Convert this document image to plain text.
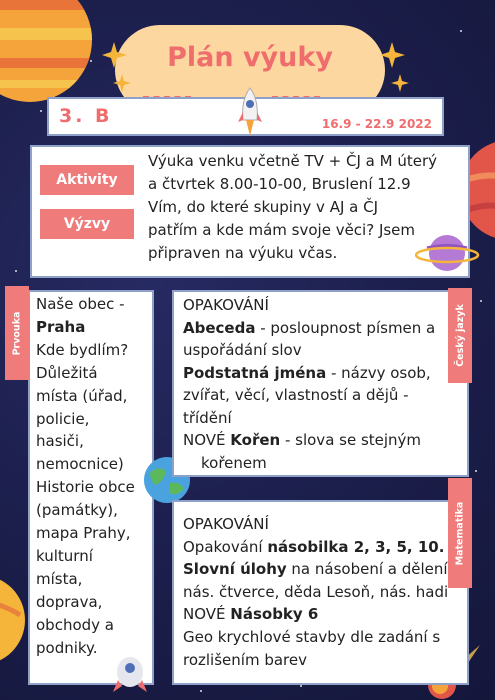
Plán výuky
3. B	16.9 - 22.9 2022
Aktivity
Výzvy
Výuka venku včetně TV + ČJ a M úterý
a čtvrtek 8.00-10-00, Bruslení 12.9
Vím, do které skupiny v AJ a ČJ
patřím a kde mám svoje věci? Jsem
připraven na výuku včas.
Naše obec -
Praha
Kde bydlím?
Důležitá
místa (úřad,
policie,
hasiči,
nemocnice)
Historie obce
(památky),
mapa Prahy,
kulturní
místa,
doprava,
obchody a
podniky.
Prvouka
OPAKOVÁNÍ
Abeceda - posloupnost písmen a
uspořádání slov
Podstatná jména - názvy osob,
zvířat, věcí, vlastností a dějů -
třídění
NOVÉ Kořen - slova se stejným
kořenem
Český jazyk
OPAKOVÁNÍ
Opakování násobilka 2, 3, 5, 10.
Slovní úlohy na násobení a dělení
nás. čtverce, děda Lesoň, nás. hadi
NOVÉ Násobky 6
Geo krychlové stavby dle zadání s
rozlišením barev
Matematika
